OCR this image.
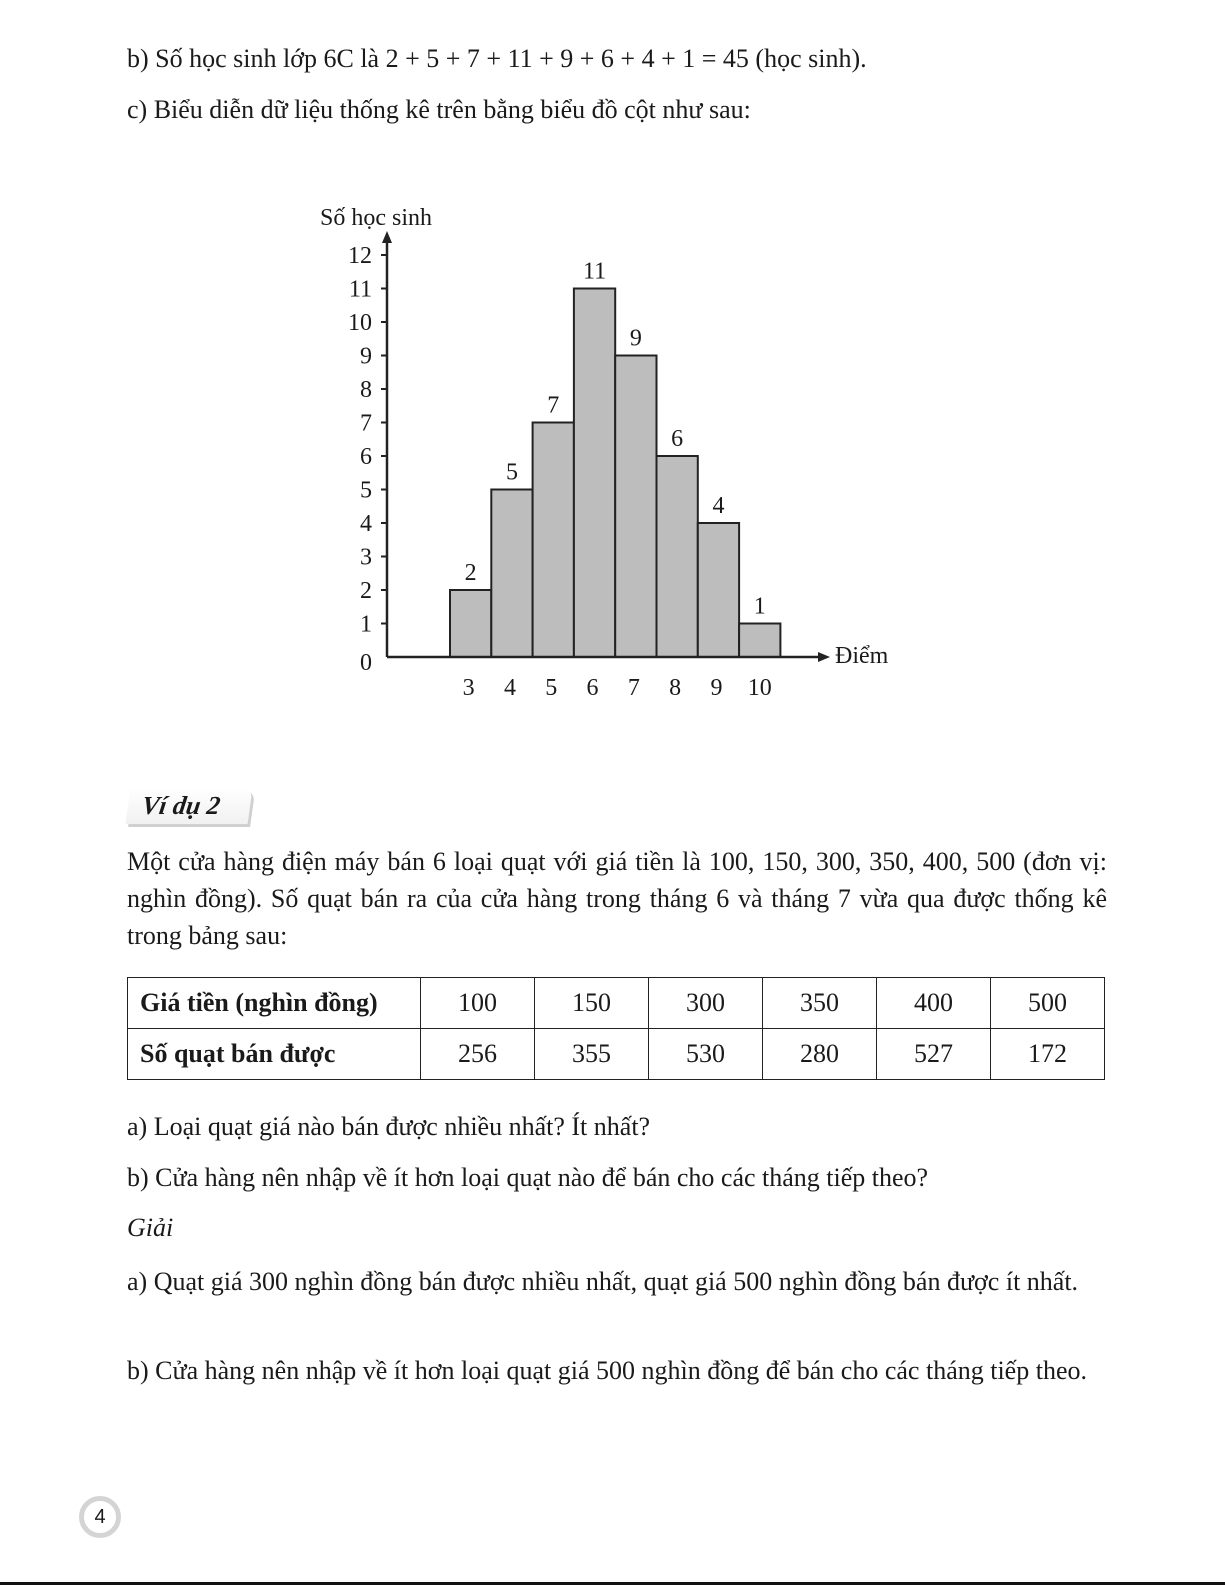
b) Số học sinh lớp 6C là 2 + 5 + 7 + 11 + 9 + 6 + 4 + 1 = 45 (học sinh).
c) Biểu diễn dữ liệu thống kê trên bằng biểu đồ cột như sau:
2
3
5
4
7
5
11
6
9
7
6
8
4
9
1
10
0
1
2
3
4
5
6
7
8
9
10
11
12
Số học sinh
Điểm
Ví dụ 2
Một cửa hàng điện máy bán 6 loại quạt với giá tiền là 100, 150, 300, 350, 400, 500 (đơn vị: nghìn đồng). Số quạt bán ra của cửa hàng trong tháng 6 và tháng 7 vừa qua được thống kê trong bảng sau:
Giá tiền (nghìn đồng)	100	150	300	350	400	500
Số quạt bán được	256	355	530	280	527	172
a) Loại quạt giá nào bán được nhiều nhất? Ít nhất?
b) Cửa hàng nên nhập về ít hơn loại quạt nào để bán cho các tháng tiếp theo?
Giải
a) Quạt giá 300 nghìn đồng bán được nhiều nhất, quạt giá 500 nghìn đồng bán được ít nhất.
b) Cửa hàng nên nhập về ít hơn loại quạt giá 500 nghìn đồng để bán cho các tháng tiếp theo.
4
